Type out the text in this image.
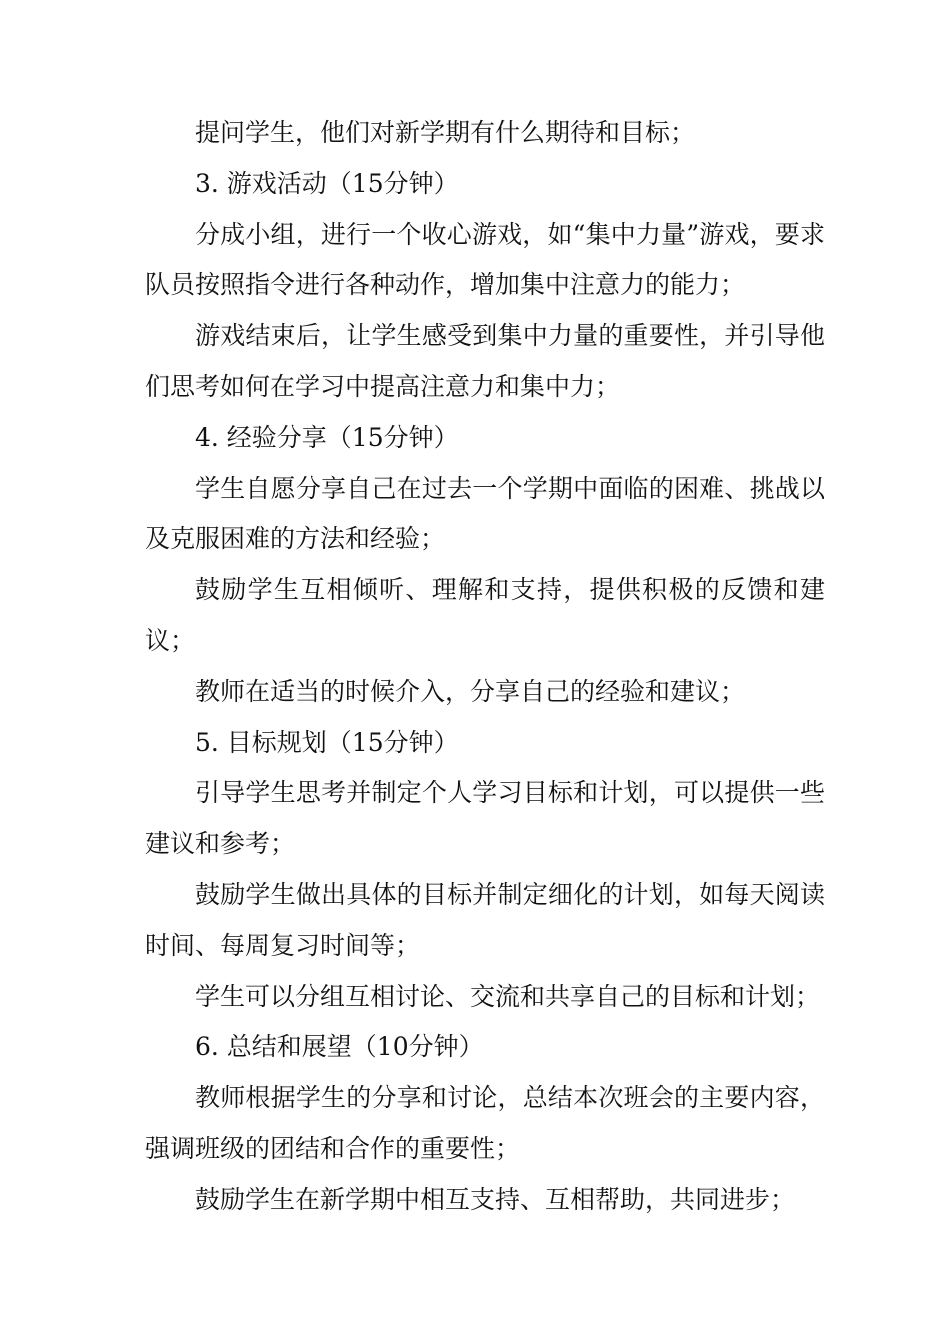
提问学生，他们对新学期有什么期待和目标；

3. 游戏活动（15分钟）

分成小组，进行一个收心游戏，如“集中力量”游戏，要求队员按照指令进行各种动作，增加集中注意力的能力；

游戏结束后，让学生感受到集中力量的重要性，并引导他们思考如何在学习中提高注意力和集中力；

4. 经验分享（15分钟）

学生自愿分享自己在过去一个学期中面临的困难、挑战以及克服困难的方法和经验；

鼓励学生互相倾听、理解和支持，提供积极的反馈和建议；

教师在适当的时候介入，分享自己的经验和建议；

5. 目标规划（15分钟）

引导学生思考并制定个人学习目标和计划，可以提供一些建议和参考；

鼓励学生做出具体的目标并制定细化的计划，如每天阅读时间、每周复习时间等；

学生可以分组互相讨论、交流和共享自己的目标和计划；

6. 总结和展望（10分钟）

教师根据学生的分享和讨论，总结本次班会的主要内容，强调班级的团结和合作的重要性；

鼓励学生在新学期中相互支持、互相帮助，共同进步；
